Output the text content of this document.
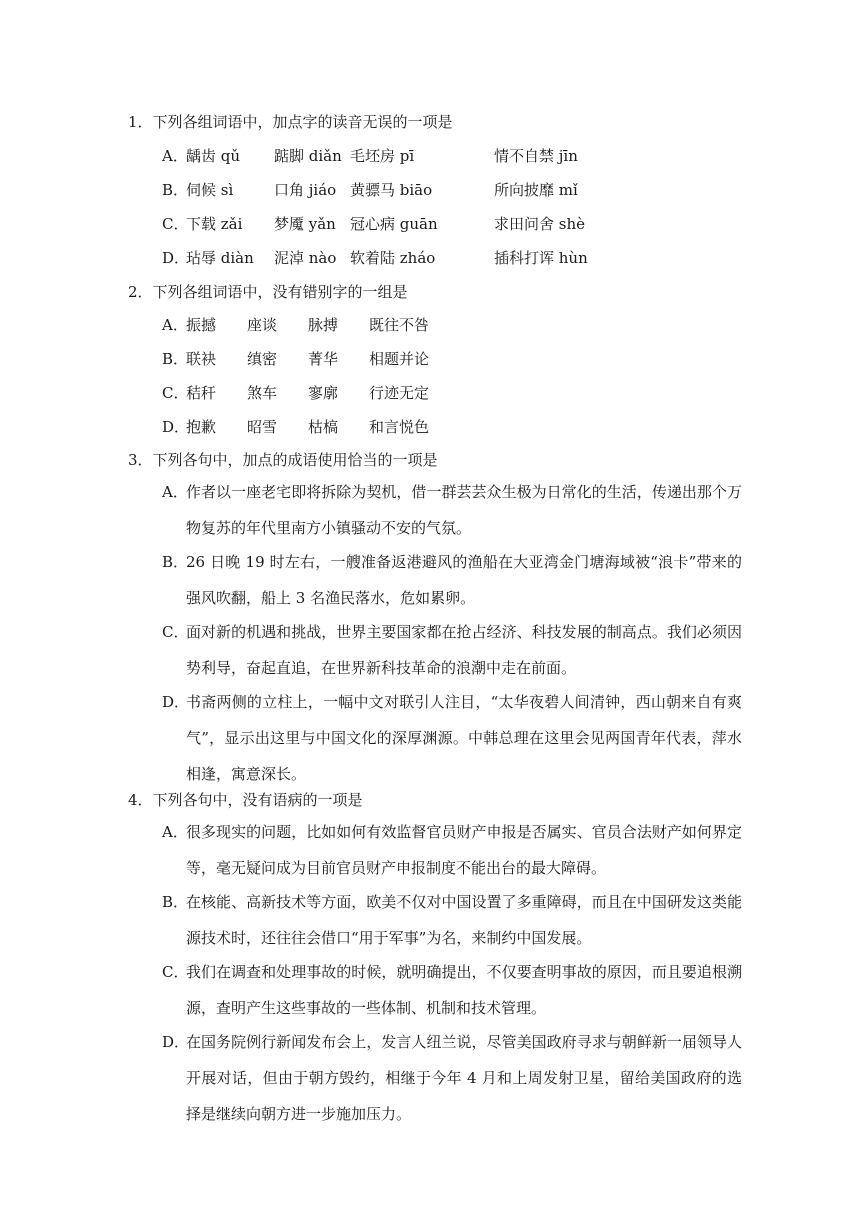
1．下列各组词语中，加点字的读音无误的一项是
A．
龋齿 qǔ 踮脚 diǎn 毛坯房 pī	情不自禁 jīn
B．
伺候 sì	口角 jiáo 黄骠马 biāo	所向披靡 mǐ
C．
下载 zǎi 梦魇 yǎn 冠心病 guān	求田问舍 shè
D．
玷辱 diàn 泥淖 nào 软着陆 zháo	插科打诨 hùn
2．下列各组词语中，没有错别字的一组是
A．
振撼 座谈 脉搏 既往不咎
B．
联袂 缜密 菁华 相题并论
C．
秸秆 煞车 寥廓 行迹无定
D．
抱歉 昭雪 枯槁 和言悦色
3．下列各句中，加点的成语使用恰当的一项是
A．
作者以一座老宅即将拆除为契机，借一群芸芸众生极为日常化的生活，传递出那个万物复苏的年代里南方小镇骚动不安的气氛。
B．
26 日晚 19 时左右，一艘准备返港避风的渔船在大亚湾金门塘海域被“浪卡”带来的强风吹翻，船上 3 名渔民落水，危如累卵。
C．
面对新的机遇和挑战，世界主要国家都在抢占经济、科技发展的制高点。我们必须因势利导，奋起直追，在世界新科技革命的浪潮中走在前面。
D．
书斋两侧的立柱上，一幅中文对联引人注目，“太华夜碧人间清钟，西山朝来自有爽气”，显示出这里与中国文化的深厚渊源。中韩总理在这里会见两国青年代表，萍水相逢，寓意深长。
4．下列各句中，没有语病的一项是
A．
很多现实的问题，比如如何有效监督官员财产申报是否属实、官员合法财产如何界定等，毫无疑问成为目前官员财产申报制度不能出台的最大障碍。
B．
在核能、高新技术等方面，欧美不仅对中国设置了多重障碍，而且在中国研发这类能源技术时，还往往会借口“用于军事”为名，来制约中国发展。
C．
我们在调查和处理事故的时候，就明确提出，不仅要查明事故的原因，而且要追根溯源，查明产生这些事故的一些体制、机制和技术管理。
D．
在国务院例行新闻发布会上，发言人纽兰说，尽管美国政府寻求与朝鲜新一届领导人开展对话，但由于朝方毁约，相继于今年 4 月和上周发射卫星，留给美国政府的选择是继续向朝方进一步施加压力。
